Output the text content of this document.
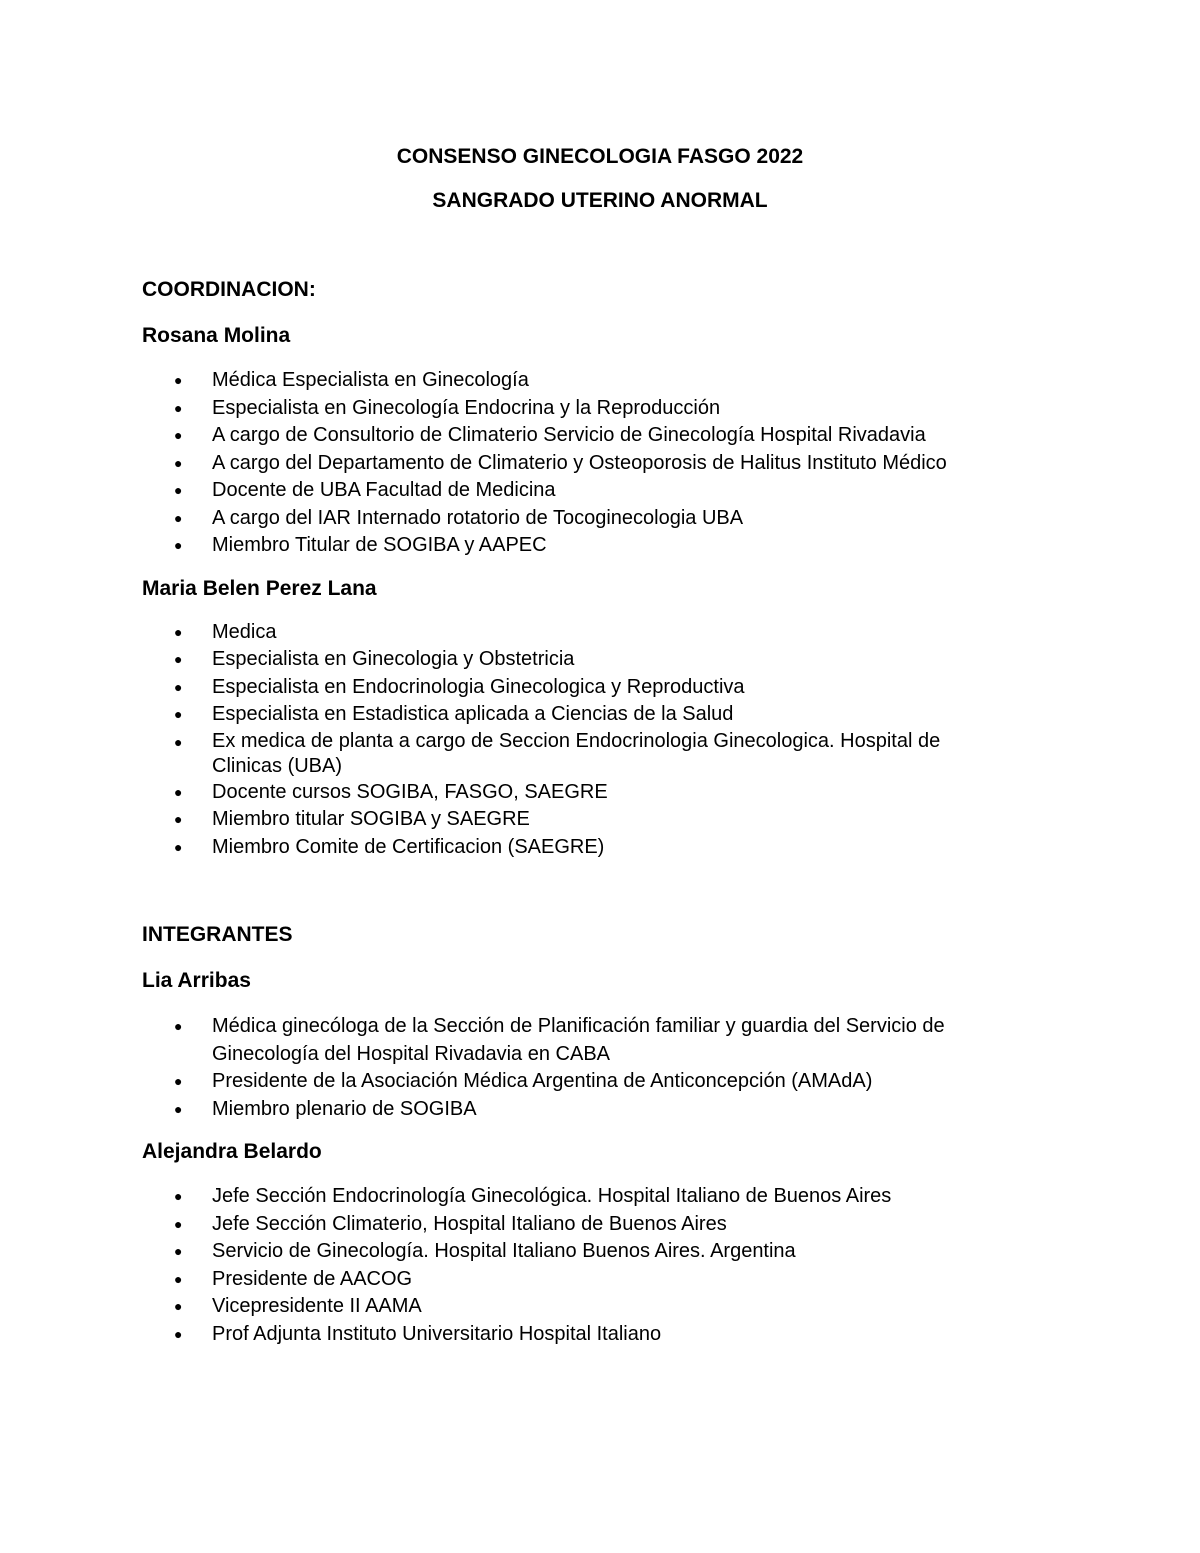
CONSENSO GINECOLOGIA FASGO 2022
SANGRADO UTERINO ANORMAL
COORDINACION:
Rosana Molina
● Médica Especialista en Ginecología
● Especialista en Ginecología Endocrina y la Reproducción
● A cargo de Consultorio de Climaterio Servicio de Ginecología Hospital Rivadavia
● A cargo del Departamento de Climaterio y Osteoporosis de Halitus Instituto Médico
● Docente de UBA Facultad de Medicina
● A cargo del IAR Internado rotatorio de Tocoginecologia UBA
● Miembro Titular de SOGIBA y AAPEC
Maria Belen Perez Lana
● Medica
● Especialista en Ginecologia y Obstetricia
● Especialista en Endocrinologia Ginecologica y Reproductiva
● Especialista en Estadistica aplicada a Ciencias de la Salud
● Ex medica de planta a cargo de Seccion Endocrinologia Ginecologica. Hospital de Clinicas (UBA)
● Docente cursos SOGIBA, FASGO, SAEGRE
● Miembro titular SOGIBA y SAEGRE
● Miembro Comite de Certificacion (SAEGRE)
INTEGRANTES
Lia Arribas
● Médica ginecóloga de la Sección de Planificación familiar y guardia del Servicio de Ginecología del Hospital Rivadavia en CABA
● Presidente de la Asociación Médica Argentina de Anticoncepción (AMAdA)
● Miembro plenario de SOGIBA
Alejandra Belardo
● Jefe Sección Endocrinología Ginecológica. Hospital Italiano de Buenos Aires
● Jefe Sección Climaterio, Hospital Italiano de Buenos Aires
● Servicio de Ginecología. Hospital Italiano Buenos Aires. Argentina
● Presidente de AACOG
● Vicepresidente II AAMA
● Prof Adjunta Instituto Universitario Hospital Italiano
